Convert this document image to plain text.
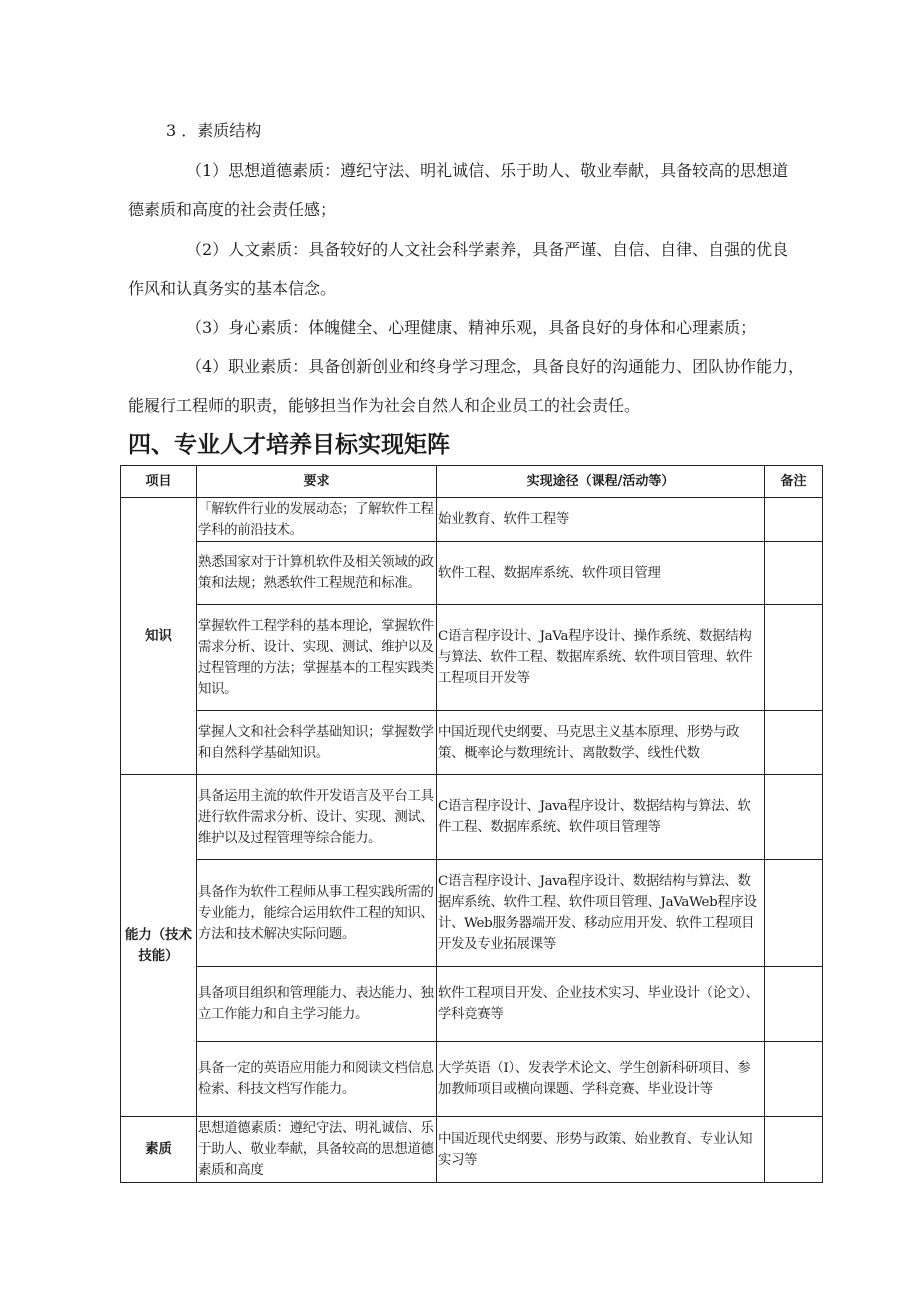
3 ．素质结构
（1）思想道德素质：遵纪守法、明礼诚信、乐于助人、敬业奉献，具备较高的思想道
德素质和高度的社会责任感；
（2）人文素质：具备较好的人文社会科学素养，具备严谨、自信、自律、自强的优良
作风和认真务实的基本信念。
（3）身心素质：体魄健全、心理健康、精神乐观，具备良好的身体和心理素质；
（4）职业素质：具备创新创业和终身学习理念，具备良好的沟通能力、团队协作能力，
能履行工程师的职责，能够担当作为社会自然人和企业员工的社会责任。
四、专业人才培养目标实现矩阵
项目	要求	实现途径（课程/活动等）	备注
知识	「解软件行业的发展动态；了解软件工程学科的前沿技术。	始业教育、软件工程等	

	熟悉国家对于计算机软件及相关领域的政策和法规；熟悉软件工程规范和标准。	软件工程、数据库系统、软件项目管理	

	掌握软件工程学科的基本理论，掌握软件需求分析、设计、实现、测试、维护以及过程管理的方法；掌握基本的工程实践类知识。	C语言程序设计、JaVa程序设计、操作系统、数据结构与算法、软件工程、数据库系统、软件项目管理、软件工程项目开发等	

	掌握人文和社会科学基础知识；掌握数学和自然科学基础知识。	中国近现代史纲要、马克思主义基本原理、形势与政策、概率论与数理统计、离散数学、线性代数	

能力（技术技能）	具备运用主流的软件开发语言及平台工具进行软件需求分析、设计、实现、测试、维护以及过程管理等综合能力。	C语言程序设计、Java程序设计、数据结构与算法、软件工程、数据库系统、软件项目管理等	

	具备作为软件工程师从事工程实践所需的专业能力，能综合运用软件工程的知识、方法和技术解决实际问题。	C语言程序设计、Java程序设计、数据结构与算法、数据库系统、软件工程、软件项目管理、JaVaWeb程序设计、Web服务器端开发、移动应用开发、软件工程项目开发及专业拓展课等	

	具备项目组织和管理能力、表达能力、独立工作能力和自主学习能力。	软件工程项目开发、企业技术实习、毕业设计（论文）、学科竞赛等	

	具备一定的英语应用能力和阅读文档信息检索、科技文档写作能力。	大学英语（I）、发表学术论文、学生创新科研项目、参加教师项目或横向课题、学科竞赛、毕业设计等	

素质	思想道德素质：遵纪守法、明礼诚信、乐于助人、敬业奉献，具备较高的思想道德素质和高度	中国近现代史纲要、形势与政策、始业教育、专业认知实习等	
